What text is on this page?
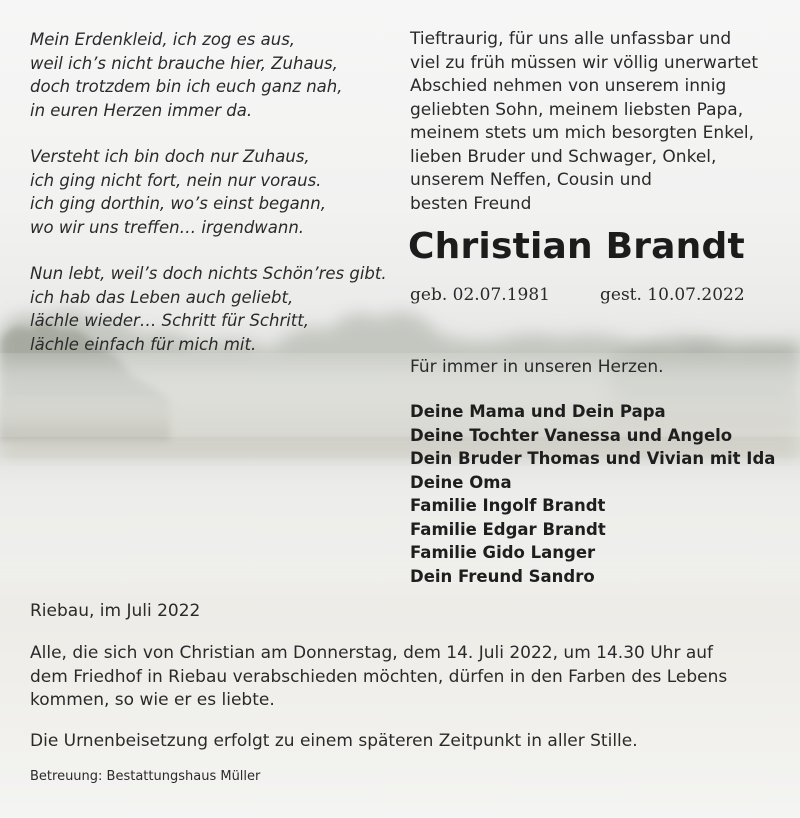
Mein Erdenkleid, ich zog es aus,
weil ich’s nicht brauche hier, Zuhaus,
doch trotzdem bin ich euch ganz nah,
in euren Herzen immer da.
Versteht ich bin doch nur Zuhaus,
ich ging nicht fort, nein nur voraus.
ich ging dorthin, wo’s einst begann,
wo wir uns treffen… irgendwann.
Nun lebt, weil’s doch nichts Schön’res gibt.
ich hab das Leben auch geliebt,
lächle wieder… Schritt für Schritt,
lächle einfach für mich mit.
Tieftraurig, für uns alle unfassbar und
viel zu früh müssen wir völlig unerwartet
Abschied nehmen von unserem innig
geliebten Sohn, meinem liebsten Papa,
meinem stets um mich besorgten Enkel,
lieben Bruder und Schwager, Onkel,
unserem Neffen, Cousin und
besten Freund
Christian Brandt
geb. 02.07.1981	gest. 10.07.2022
Für immer in unseren Herzen.
Deine Mama und Dein Papa
Deine Tochter Vanessa und Angelo
Dein Bruder Thomas und Vivian mit Ida
Deine Oma
Familie Ingolf Brandt
Familie Edgar Brandt
Familie Gido Langer
Dein Freund Sandro
Riebau, im Juli 2022
Alle, die sich von Christian am Donnerstag, dem 14. Juli 2022, um 14.30 Uhr auf
dem Friedhof in Riebau verabschieden möchten, dürfen in den Farben des Lebens
kommen, so wie er es liebte.
Die Urnenbeisetzung erfolgt zu einem späteren Zeitpunkt in aller Stille.
Betreuung: Bestattungshaus Müller
